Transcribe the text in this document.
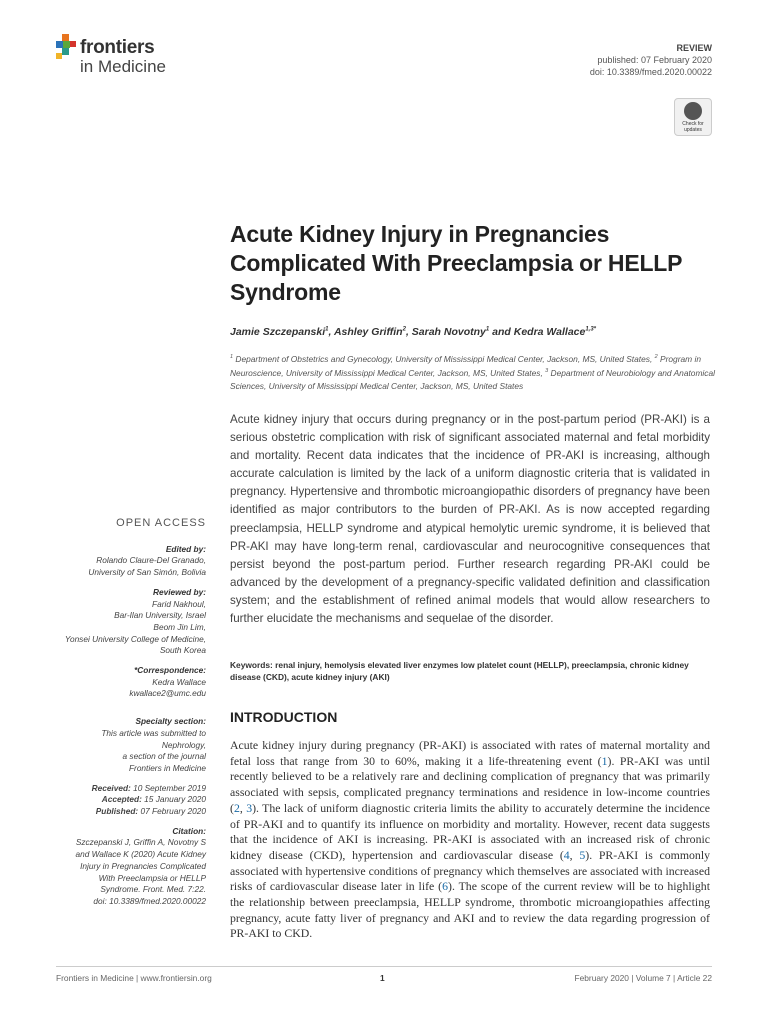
frontiers
in Medicine
REVIEW
published: 07 February 2020
doi: 10.3389/fmed.2020.00022
Check for updates
Acute Kidney Injury in Pregnancies Complicated With Preeclampsia or HELLP Syndrome
Jamie Szczepanski$^1$, Ashley Griffin$^2$, Sarah Novotny$^1$ and Kedra Wallace$^{1,3*}$
$^1$ Department of Obstetrics and Gynecology, University of Mississippi Medical Center, Jackson, MS, United States, $^2$ Program in Neuroscience, University of Mississippi Medical Center, Jackson, MS, United States, $^3$ Department of Neurobiology and Anatomical Sciences, University of Mississippi Medical Center, Jackson, MS, United States
Acute kidney injury that occurs during pregnancy or in the post-partum period (PR-AKI) is a serious obstetric complication with risk of significant associated maternal and fetal morbidity and mortality. Recent data indicates that the incidence of PR-AKI is increasing, although accurate calculation is limited by the lack of a uniform diagnostic criteria that is validated in pregnancy. Hypertensive and thrombotic microangiopathic disorders of pregnancy have been identified as major contributors to the burden of PR-AKI. As is now accepted regarding preeclampsia, HELLP syndrome and atypical hemolytic uremic syndrome, it is believed that PR-AKI may have long-term renal, cardiovascular and neurocognitive consequences that persist beyond the post-partum period. Further research regarding PR-AKI could be advanced by the development of a pregnancy-specific validated definition and classification system; and the establishment of refined animal models that would allow researchers to further elucidate the mechanisms and sequelae of the disorder.
Keywords: renal injury, hemolysis elevated liver enzymes low platelet count (HELLP), preeclampsia, chronic kidney disease (CKD), acute kidney injury (AKI)
INTRODUCTION
Acute kidney injury during pregnancy (PR-AKI) is associated with rates of maternal mortality and fetal loss that range from 30 to 60%, making it a life-threatening event (1). PR-AKI was until recently believed to be a relatively rare and declining complication of pregnancy that was primarily associated with sepsis, complicated pregnancy terminations and residence in low-income countries (2, 3). The lack of uniform diagnostic criteria limits the ability to accurately determine the incidence of PR-AKI and to quantify its influence on morbidity and mortality. However, recent data suggests that the incidence of AKI is increasing. PR-AKI is associated with an increased risk of chronic kidney disease (CKD), hypertension and cardiovascular disease (4, 5). PR-AKI is commonly associated with hypertensive conditions of pregnancy which themselves are associated with increased risks of cardiovascular disease later in life (6). The scope of the current review will be to highlight the relationship between preeclampsia, HELLP syndrome, thrombotic microangiopathies affecting pregnancy, acute fatty liver of pregnancy and AKI and to review the data regarding progression of PR-AKI to CKD.
OPEN ACCESS
Edited by:
Rolando Claure-Del Granado,
University of San Simón, Bolivia
Reviewed by:
Farid Nakhoul,
Bar-Ilan University, Israel
Beom Jin Lim,
Yonsei University College of Medicine,
South Korea
*Correspondence:
Kedra Wallace
kwallace2@umc.edu
Specialty section:
This article was submitted to
Nephrology,
a section of the journal
Frontiers in Medicine
Received: 10 September 2019
Accepted: 15 January 2020
Published: 07 February 2020
Citation:
Szczepanski J, Griffin A, Novotny S
and Wallace K (2020) Acute Kidney
Injury in Pregnancies Complicated
With Preeclampsia or HELLP
Syndrome. Front. Med. 7:22.
doi: 10.3389/fmed.2020.00022
Frontiers in Medicine | www.frontiersin.org	1	February 2020 | Volume 7 | Article 22
